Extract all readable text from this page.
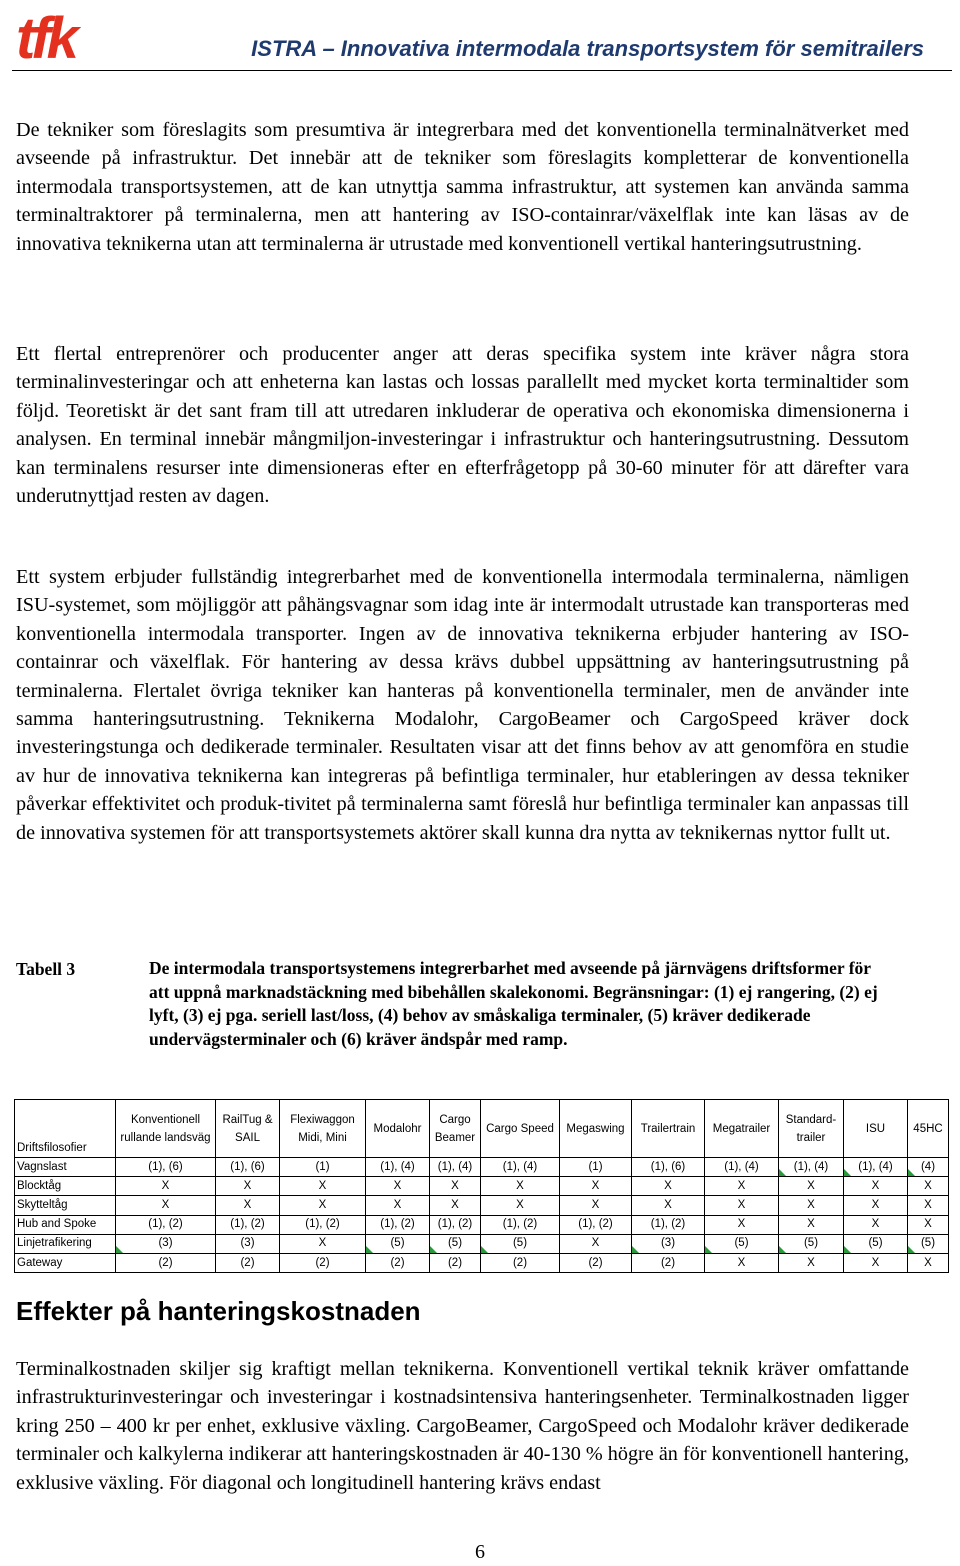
tfk	ISTRA – Innovativa intermodala transportsystem för semitrailers

De tekniker som föreslagits som presumtiva är integrerbara med det konventionella terminalnätverket med avseende på infrastruktur. Det innebär att de tekniker som föreslagits kompletterar de konventionella intermodala transportsystemen, att de kan utnyttja samma infrastruktur, att systemen kan använda samma terminaltraktorer på terminalerna, men att hantering av ISO-containrar/växelflak inte kan läsas av de innovativa teknikerna utan att terminalerna är utrustade med konventionell vertikal hanteringsutrustning.

Ett flertal entreprenörer och producenter anger att deras specifika system inte kräver några stora terminalinvesteringar och att enheterna kan lastas och lossas parallellt med mycket korta terminaltider som följd. Teoretiskt är det sant fram till att utredaren inkluderar de operativa och ekonomiska dimensionerna i analysen. En terminal innebär mångmiljon-investeringar i infrastruktur och hanteringsutrustning. Dessutom kan terminalens resurser inte dimensioneras efter en efterfrågetopp på 30-60 minuter för att därefter vara underutnyttjad resten av dagen.

Ett system erbjuder fullständig integrerbarhet med de konventionella intermodala terminalerna, nämligen ISU-systemet, som möjliggör att påhängsvagnar som idag inte är intermodalt utrustade kan transporteras med konventionella intermodala transporter. Ingen av de innovativa teknikerna erbjuder hantering av ISO-containrar och växelflak. För hantering av dessa krävs dubbel uppsättning av hanteringsutrustning på terminalerna. Flertalet övriga tekniker kan hanteras på konventionella terminaler, men de använder inte samma hanteringsutrustning. Teknikerna Modalohr, CargoBeamer och CargoSpeed kräver dock investeringstunga och dedikerade terminaler. Resultaten visar att det finns behov av att genomföra en studie av hur de innovativa teknikerna kan integreras på befintliga terminaler, hur etableringen av dessa tekniker påverkar effektivitet och produk-tivitet på terminalerna samt föreslå hur befintliga terminaler kan anpassas till de innovativa systemen för att transportsystemets aktörer skall kunna dra nytta av teknikernas nyttor fullt ut.

Tabell 3	De intermodala transportsystemens integrerbarhet med avseende på järnvägens driftsformer för att uppnå marknadstäckning med bibehållen skalekonomi. Begränsningar: (1) ej rangering, (2) ej lyft, (3) ej pga. seriell last/loss, (4) behov av småskaliga terminaler, (5) kräver dedikerade undervägsterminaler och (6) kräver ändspår med ramp.

Driftsfilosofier	Konventionell rullande landsväg	RailTug & SAIL	Flexiwaggon Midi, Mini	Modalohr	Cargo Beamer	Cargo Speed	Megaswing	Trailertrain	Megatrailer	Standard-trailer	ISU	45HC
Vagnslast	(1), (6)	(1), (6)	(1)	(1), (4)	(1), (4)	(1), (4)	(1)	(1), (6)	(1), (4)	(1), (4)	(1), (4)	(4)

Blocktåg	X	X	X	X	X	X	X	X	X	X	X	X
Skytteltåg	X	X	X	X	X	X	X	X	X	X	X	X
Hub and Spoke	(1), (2)	(1), (2)	(1), (2)	(1), (2)	(1), (2)	(1), (2)	(1), (2)	(1), (2)	X	X	X	X
Linjetrafikering	(3)	(3)	X	(5)	(5)	(5)	X	(3)	(5)	(5)	(5)	(5)

Gateway	(2)	(2)	(2)	(2)	(2)	(2)	(2)	(2)	X	X	X	X
Effekter på hanteringskostnaden

Terminalkostnaden skiljer sig kraftigt mellan teknikerna. Konventionell vertikal teknik kräver omfattande infrastrukturinvesteringar och investeringar i kostnadsintensiva hanteringsenheter. Terminalkostnaden ligger kring 250 – 400 kr per enhet, exklusive växling. CargoBeamer, CargoSpeed och Modalohr kräver dedikerade terminaler och kalkylerna indikerar att hanteringskostnaden är 40-130 % högre än för konventionell hantering, exklusive växling. För diagonal och longitudinell hantering krävs endast

6
